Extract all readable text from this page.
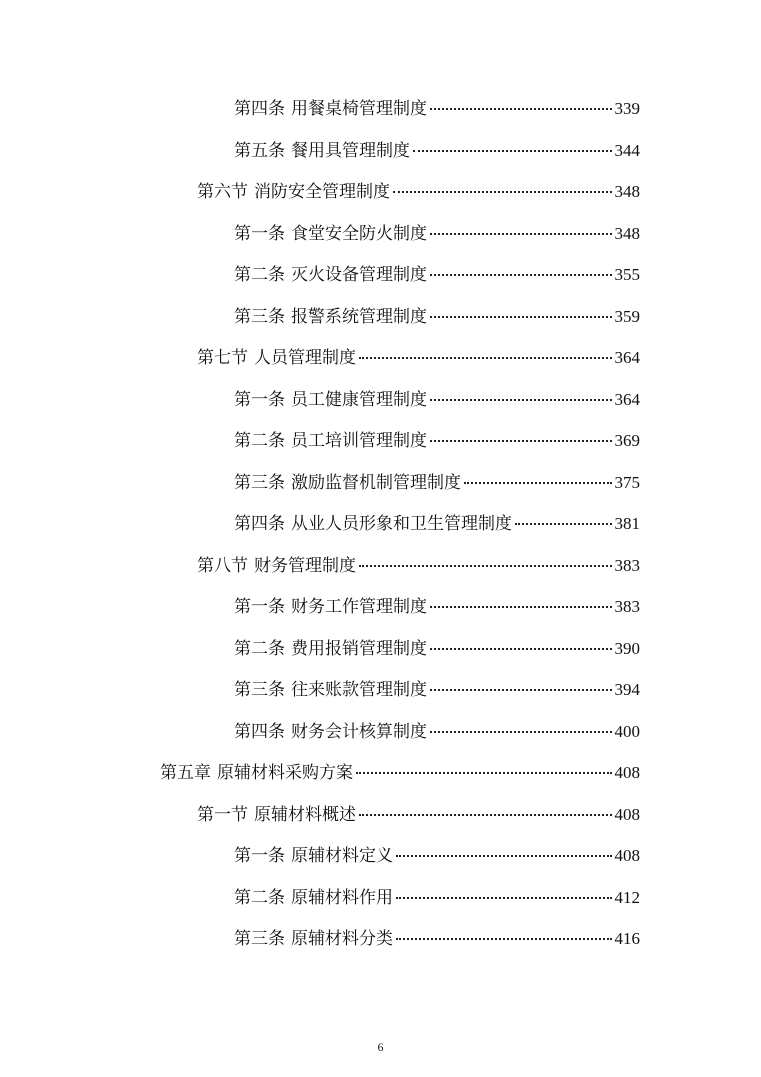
第四条 用餐桌椅管理制度	339
第五条 餐用具管理制度	344
第六节 消防安全管理制度	348
第一条 食堂安全防火制度	348
第二条 灭火设备管理制度	355
第三条 报警系统管理制度	359
第七节 人员管理制度	364
第一条 员工健康管理制度	364
第二条 员工培训管理制度	369
第三条 激励监督机制管理制度	375
第四条 从业人员形象和卫生管理制度	381
第八节 财务管理制度	383
第一条 财务工作管理制度	383
第二条 费用报销管理制度	390
第三条 往来账款管理制度	394
第四条 财务会计核算制度	400
第五章 原辅材料采购方案	408
第一节 原辅材料概述	408
第一条 原辅材料定义	408
第二条 原辅材料作用	412
第三条 原辅材料分类	416
6
